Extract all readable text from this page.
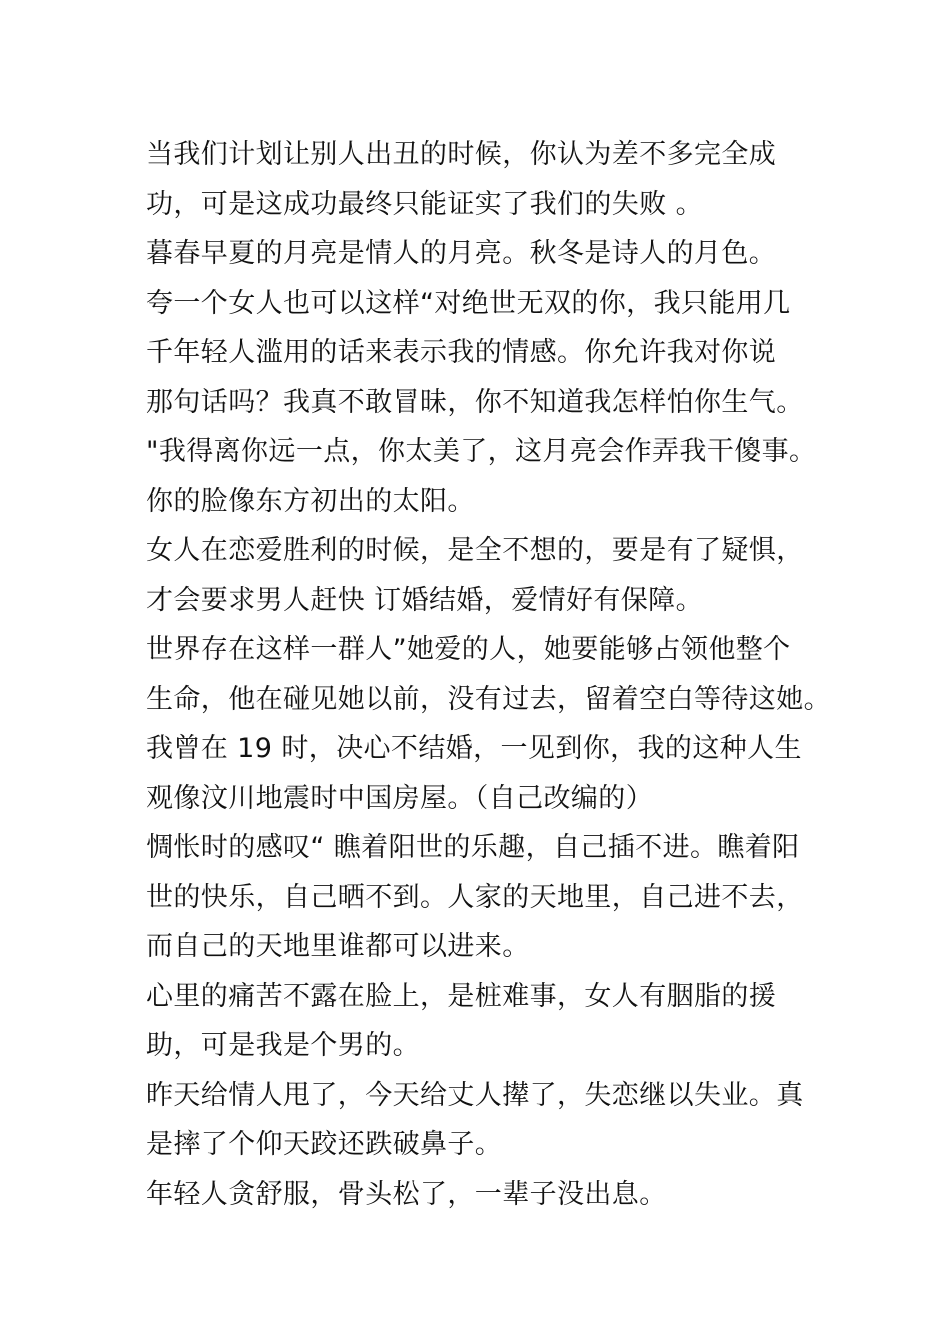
当我们计划让别人出丑的时候，你认为差不多完全成
功，可是这成功最终只能证实了我们的失败 。
暮春早夏的月亮是情人的月亮。秋冬是诗人的月色。
夸一个女人也可以这样“对绝世无双的你，我只能用几
千年轻人滥用的话来表示我的情感。你允许我对你说
那句话吗？我真不敢冒昧，你不知道我怎样怕你生气。
"我得离你远一点，你太美了，这月亮会作弄我干傻事。
你的脸像东方初出的太阳。
女人在恋爱胜利的时候，是全不想的，要是有了疑惧，
才会要求男人赶快 订婚结婚，爱情好有保障。
世界存在这样一群人”她爱的人，她要能够占领他整个
生命，他在碰见她以前，没有过去，留着空白等待这她。
我曾在 19 时，决心不结婚，一见到你，我的这种人生
观像汶川地震时中国房屋。（自己改编的）
惆怅时的感叹“ 瞧着阳世的乐趣，自己插不进。瞧着阳
世的快乐，自己晒不到。人家的天地里，自己进不去，
而自己的天地里谁都可以进来。
心里的痛苦不露在脸上，是桩难事，女人有胭脂的援
助，可是我是个男的。
昨天给情人甩了，今天给丈人撵了，失恋继以失业。真
是摔了个仰天跤还跌破鼻子。
年轻人贪舒服，骨头松了，一辈子没出息。
